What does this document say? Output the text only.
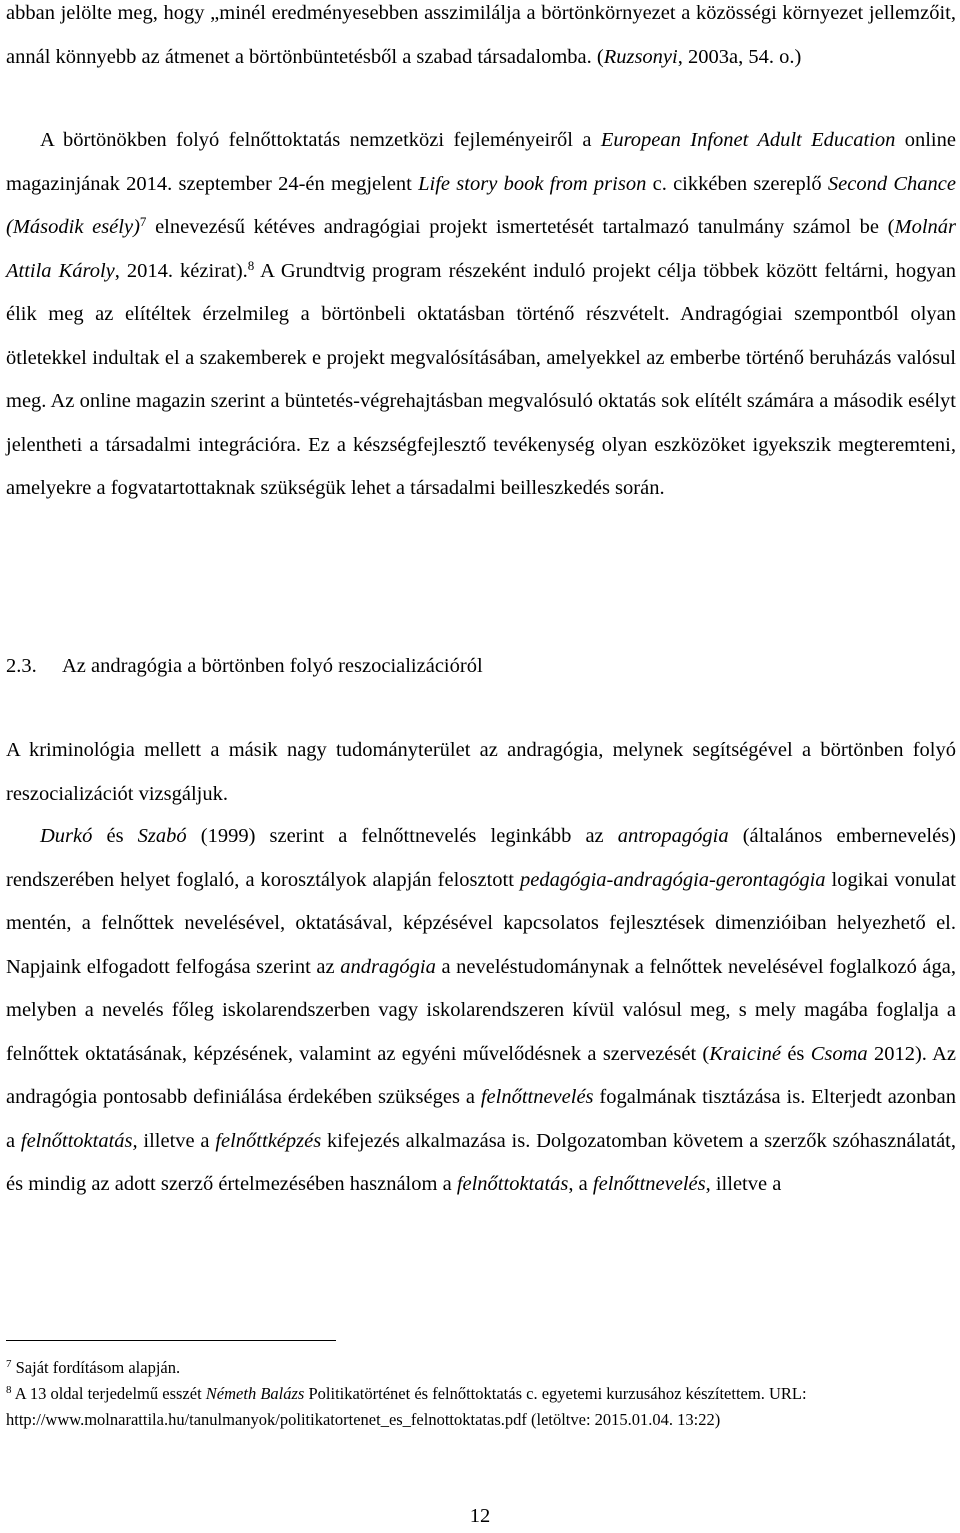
abban jelölte meg, hogy „minél eredményesebben asszimilálja a börtönkörnyezet a közösségi környezet jellemzőit, annál könnyebb az átmenet a börtönbüntetésből a szabad társadalomba. (Ruzsonyi, 2003a, 54. o.)

A börtönökben folyó felnőttoktatás nemzetközi fejleményeiről a European Infonet Adult Education online magazinjának 2014. szeptember 24-én megjelent Life story book from prison c. cikkében szereplő Second Chance (Második esély)$^7$ elnevezésű kétéves andragógiai projekt ismertetését tartalmazó tanulmány számol be (Molnár Attila Károly, 2014. kézirat).$^8$ A Grundtvig program részeként induló projekt célja többek között feltárni, hogyan élik meg az elítéltek érzelmileg a börtönbeli oktatásban történő részvételt. Andragógiai szempontból olyan ötletekkel indultak el a szakemberek e projekt megvalósításában, amelyekkel az emberbe történő beruházás valósul meg. Az online magazin szerint a büntetés-végrehajtásban megvalósuló oktatás sok elítélt számára a második esélyt jelentheti a társadalmi integrációra. Ez a készségfejlesztő tevékenység olyan eszközöket igyekszik megteremteni, amelyekre a fogvatartottaknak szükségük lehet a társadalmi beilleszkedés során.

2.3. Az andragógia a börtönben folyó reszocializációról

A kriminológia mellett a másik nagy tudományterület az andragógia, melynek segítségével a börtönben folyó reszocializációt vizsgáljuk.

Durkó és Szabó (1999) szerint a felnőttnevelés leginkább az antropagógia (általános embernevelés) rendszerében helyet foglaló, a korosztályok alapján felosztott pedagógia-andragógia-gerontagógia logikai vonulat mentén, a felnőttek nevelésével, oktatásával, képzésével kapcsolatos fejlesztések dimenzióiban helyezhető el. Napjaink elfogadott felfogása szerint az andragógia a neveléstudománynak a felnőttek nevelésével foglalkozó ága, melyben a nevelés főleg iskolarendszerben vagy iskolarendszeren kívül valósul meg, s mely magába foglalja a felnőttek oktatásának, képzésének, valamint az egyéni művelődésnek a szervezését (Kraiciné és Csoma 2012). Az andragógia pontosabb definiálása érdekében szükséges a felnőttnevelés fogalmának tisztázása is. Elterjedt azonban a felnőttoktatás, illetve a felnőttképzés kifejezés alkalmazása is. Dolgozatomban követem a szerzők szóhasználatát, és mindig az adott szerző értelmezésében használom a felnőttoktatás, a felnőttnevelés, illetve a

$^7$ Saját fordításom alapján.

$^8$ A 13 oldal terjedelmű esszét Németh Balázs Politikatörténet és felnőttoktatás c. egyetemi kurzusához készítettem. URL: http://www.molnarattila.hu/tanulmanyok/politikatortenet_es_felnottoktatas.pdf (letöltve: 2015.01.04. 13:22)

12
